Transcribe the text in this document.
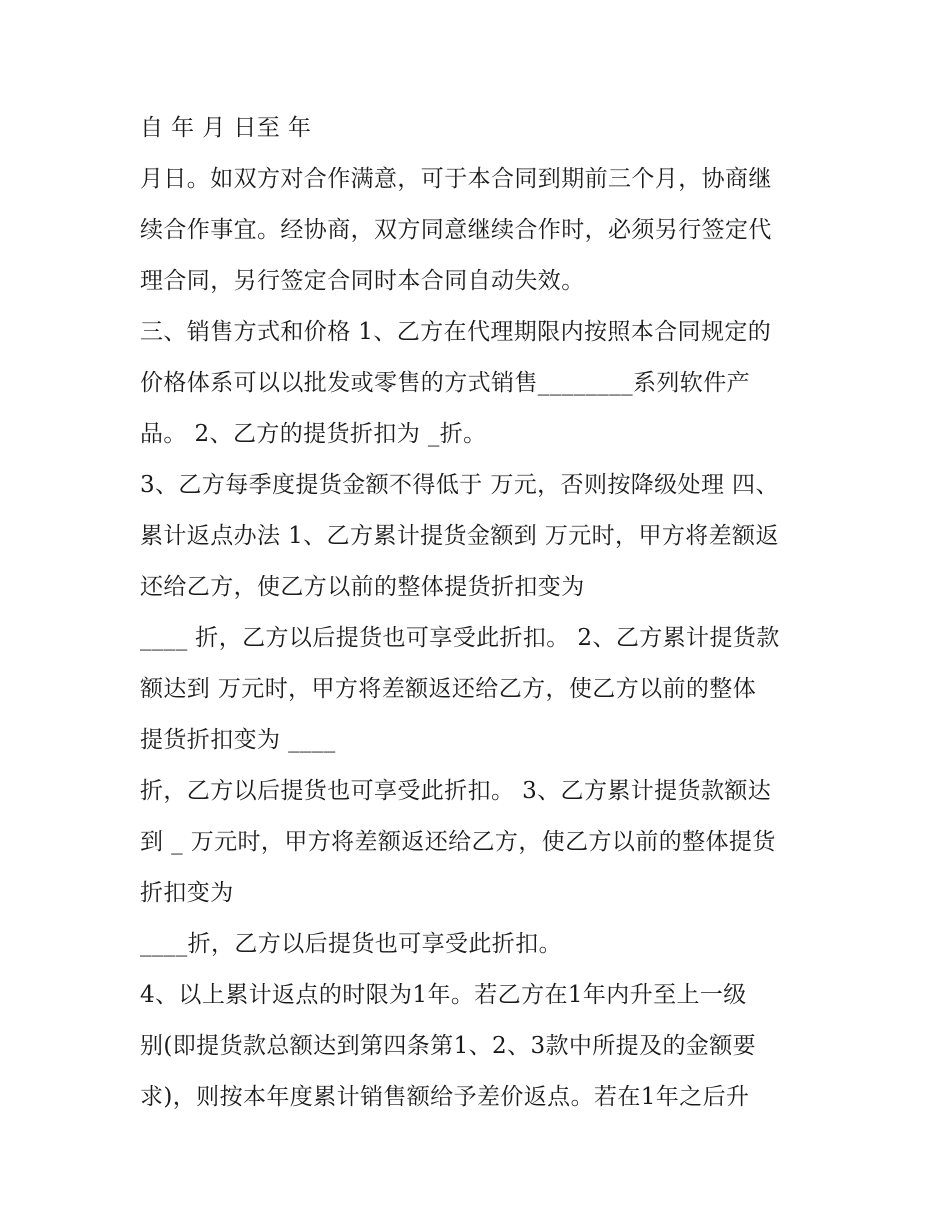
自 年 月 日至 年
月日。如双方对合作满意，可于本合同到期前三个月，协商继
续合作事宜。经协商，双方同意继续合作时，必须另行签定代
理合同，另行签定合同时本合同自动失效。
三、销售方式和价格 1、乙方在代理期限内按照本合同规定的
价格体系可以以批发或零售的方式销售________系列软件产
品。 2、乙方的提货折扣为 _折。
3、乙方每季度提货金额不得低于 万元，否则按降级处理 四、
累计返点办法 1、乙方累计提货金额到 万元时，甲方将差额返
还给乙方，使乙方以前的整体提货折扣变为
____ 折，乙方以后提货也可享受此折扣。 2、乙方累计提货款
额达到 万元时，甲方将差额返还给乙方，使乙方以前的整体
提货折扣变为 ____
折，乙方以后提货也可享受此折扣。 3、乙方累计提货款额达
到 _ 万元时，甲方将差额返还给乙方，使乙方以前的整体提货
折扣变为
____折，乙方以后提货也可享受此折扣。
4、以上累计返点的时限为1年。若乙方在1年内升至上一级
别(即提货款总额达到第四条第1、2、3款中所提及的金额要
求)，则按本年度累计销售额给予差价返点。若在1年之后升
